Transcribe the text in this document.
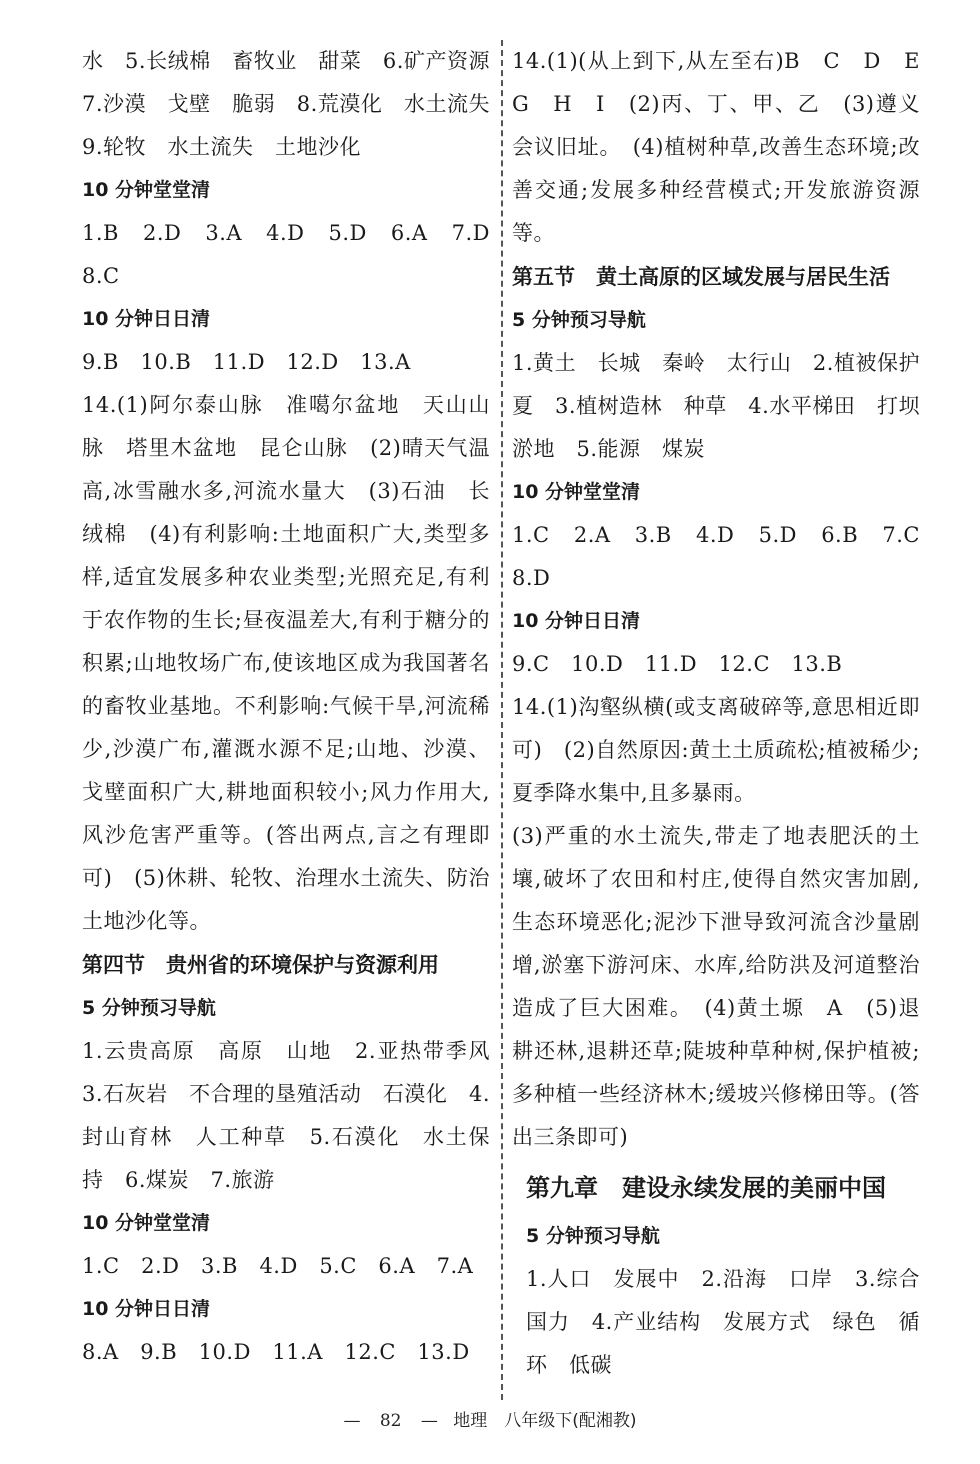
水　5.长绒棉　畜牧业　甜菜　6.矿产资源　7.沙漠　戈壁　脆弱　8.荒漠化　水土流失　9.轮牧　水土流失　土地沙化

10 分钟堂堂清

1.B　2.D　3.A　4.D　5.D　6.A　7.D　8.C

10 分钟日日清

9.B　10.B　11.D　12.D　13.A

14.(1)阿尔泰山脉　准噶尔盆地　天山山脉　塔里木盆地　昆仑山脉　(2)晴天气温高,冰雪融水多,河流水量大　(3)石油　长绒棉　(4)有利影响:土地面积广大,类型多样,适宜发展多种农业类型;光照充足,有利于农作物的生长;昼夜温差大,有利于糖分的积累;山地牧场广布,使该地区成为我国著名的畜牧业基地。不利影响:气候干旱,河流稀少,沙漠广布,灌溉水源不足;山地、沙漠、戈壁面积广大,耕地面积较小;风力作用大,风沙危害严重等。(答出两点,言之有理即可)　(5)休耕、轮牧、治理水土流失、防治土地沙化等。

第四节　贵州省的环境保护与资源利用

5 分钟预习导航

1.云贵高原　高原　山地　2.亚热带季风　3.石灰岩　不合理的垦殖活动　石漠化　4.封山育林　人工种草　5.石漠化　水土保持　6.煤炭　7.旅游

10 分钟堂堂清

1.C　2.D　3.B　4.D　5.C　6.A　7.A

10 分钟日日清

8.A　9.B　10.D　11.A　12.C　13.D

14.(1)(从上到下,从左至右)B　C　D　E　G　H　I　(2)丙、丁、甲、乙　(3)遵义会议旧址。　(4)植树种草,改善生态环境;改善交通;发展多种经营模式;开发旅游资源等。

第五节　黄土高原的区域发展与居民生活

5 分钟预习导航

1.黄土　长城　秦岭　太行山　2.植被保护　夏　3.植树造林　种草　4.水平梯田　打坝淤地　5.能源　煤炭

10 分钟堂堂清

1.C　2.A　3.B　4.D　5.D　6.B　7.C　8.D

10 分钟日日清

9.C　10.D　11.D　12.C　13.B

14.(1)沟壑纵横(或支离破碎等,意思相近即可)　(2)自然原因:黄土土质疏松;植被稀少;夏季降水集中,且多暴雨。

(3)严重的水土流失,带走了地表肥沃的土壤,破坏了农田和村庄,使得自然灾害加剧,生态环境恶化;泥沙下泄导致河流含沙量剧增,淤塞下游河床、水库,给防洪及河道整治造成了巨大困难。　(4)黄土塬　A　(5)退耕还林,退耕还草;陡坡种草种树,保护植被;多种植一些经济林木;缓坡兴修梯田等。(答出三条即可)

第九章　建设永续发展的美丽中国

5 分钟预习导航

1.人口　发展中　2.沿海　口岸　3.综合国力　4.产业结构　发展方式　绿色　循环　低碳

— 82 — 地理　八年级下(配湘教)
